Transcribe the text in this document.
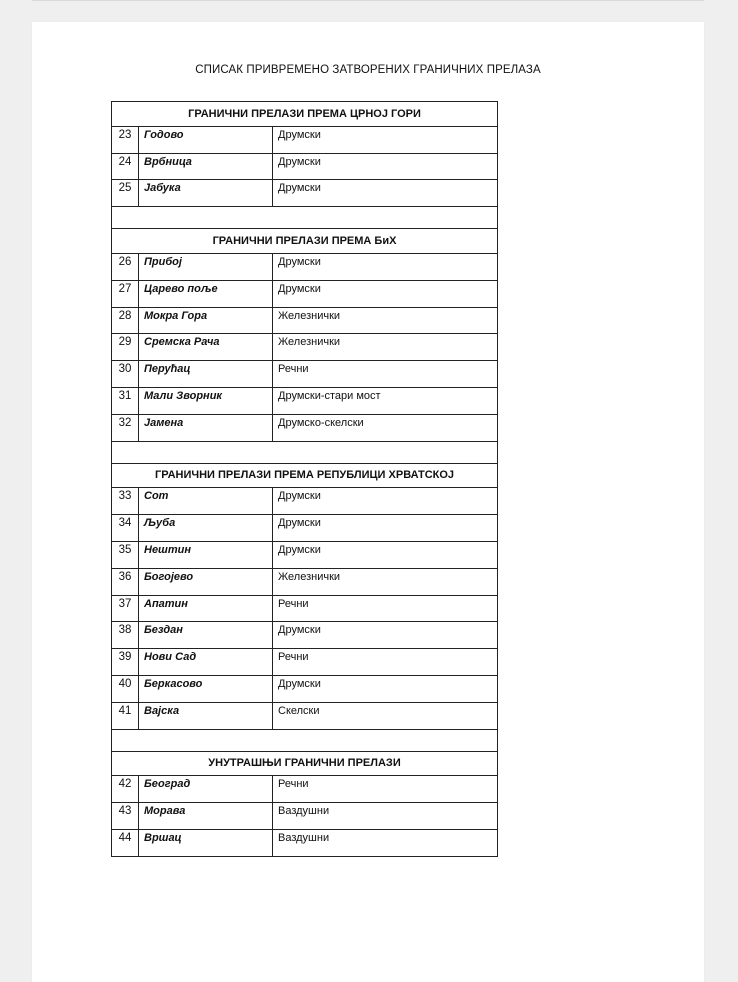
СПИСАК ПРИВРЕМЕНО ЗАТВОРЕНИХ ГРАНИЧНИХ ПРЕЛАЗА
ГРАНИЧНИ ПРЕЛАЗИ ПРЕМА ЦРНОЈ ГОРИ		
23	Годово	Друмски
24	Врбница	Друмски
25	Јабука	Друмски

ГРАНИЧНИ ПРЕЛАЗИ ПРЕМА БиХ		
26	Прибој	Друмски
27	Царево поље	Друмски
28	Мокра Гора	Железнички
29	Сремска Рача	Железнички
30	Перућац	Речни
31	Мали Зворник	Друмски-стари мост
32	Јамена	Друмско-скелски

ГРАНИЧНИ ПРЕЛАЗИ ПРЕМА РЕПУБЛИЦИ ХРВАТСКОЈ		
33	Сот	Друмски
34	Љуба	Друмски
35	Нештин	Друмски
36	Богојево	Железнички
37	Апатин	Речни
38	Бездан	Друмски
39	Нови Сад	Речни
40	Беркасово	Друмски
41	Вајска	Скелски

УНУТРАШЊИ ГРАНИЧНИ ПРЕЛАЗИ		
42	Београд	Речни
43	Морава	Ваздушни
44	Вршац	Ваздушни
